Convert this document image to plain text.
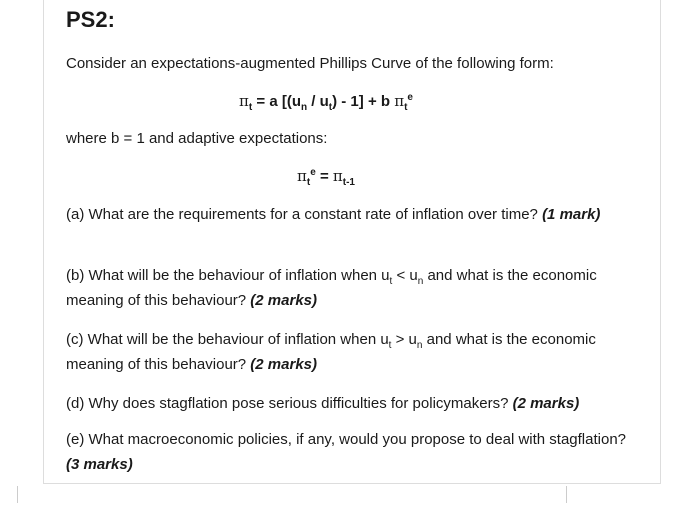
PS2:

Consider an expectations-augmented Phillips Curve of the following form:

$\pi_t = a$ $[(u_n / u_t) - 1] + b$ $\pi_t^e$

where b = 1 and adaptive expectations:

$\pi_t^e = \pi_{t-1}$

(a) What are the requirements for a constant rate of inflation over time? (1 mark)

(b) What will be the behaviour of inflation when $u_t < u_n$ and what is the economic meaning of this behaviour? (2 marks)

(c) What will be the behaviour of inflation when $u_t > u_n$ and what is the economic meaning of this behaviour? (2 marks)

(d) Why does stagflation pose serious difficulties for policymakers? (2 marks)

(e) What macroeconomic policies, if any, would you propose to deal with stagflation? (3 marks)
